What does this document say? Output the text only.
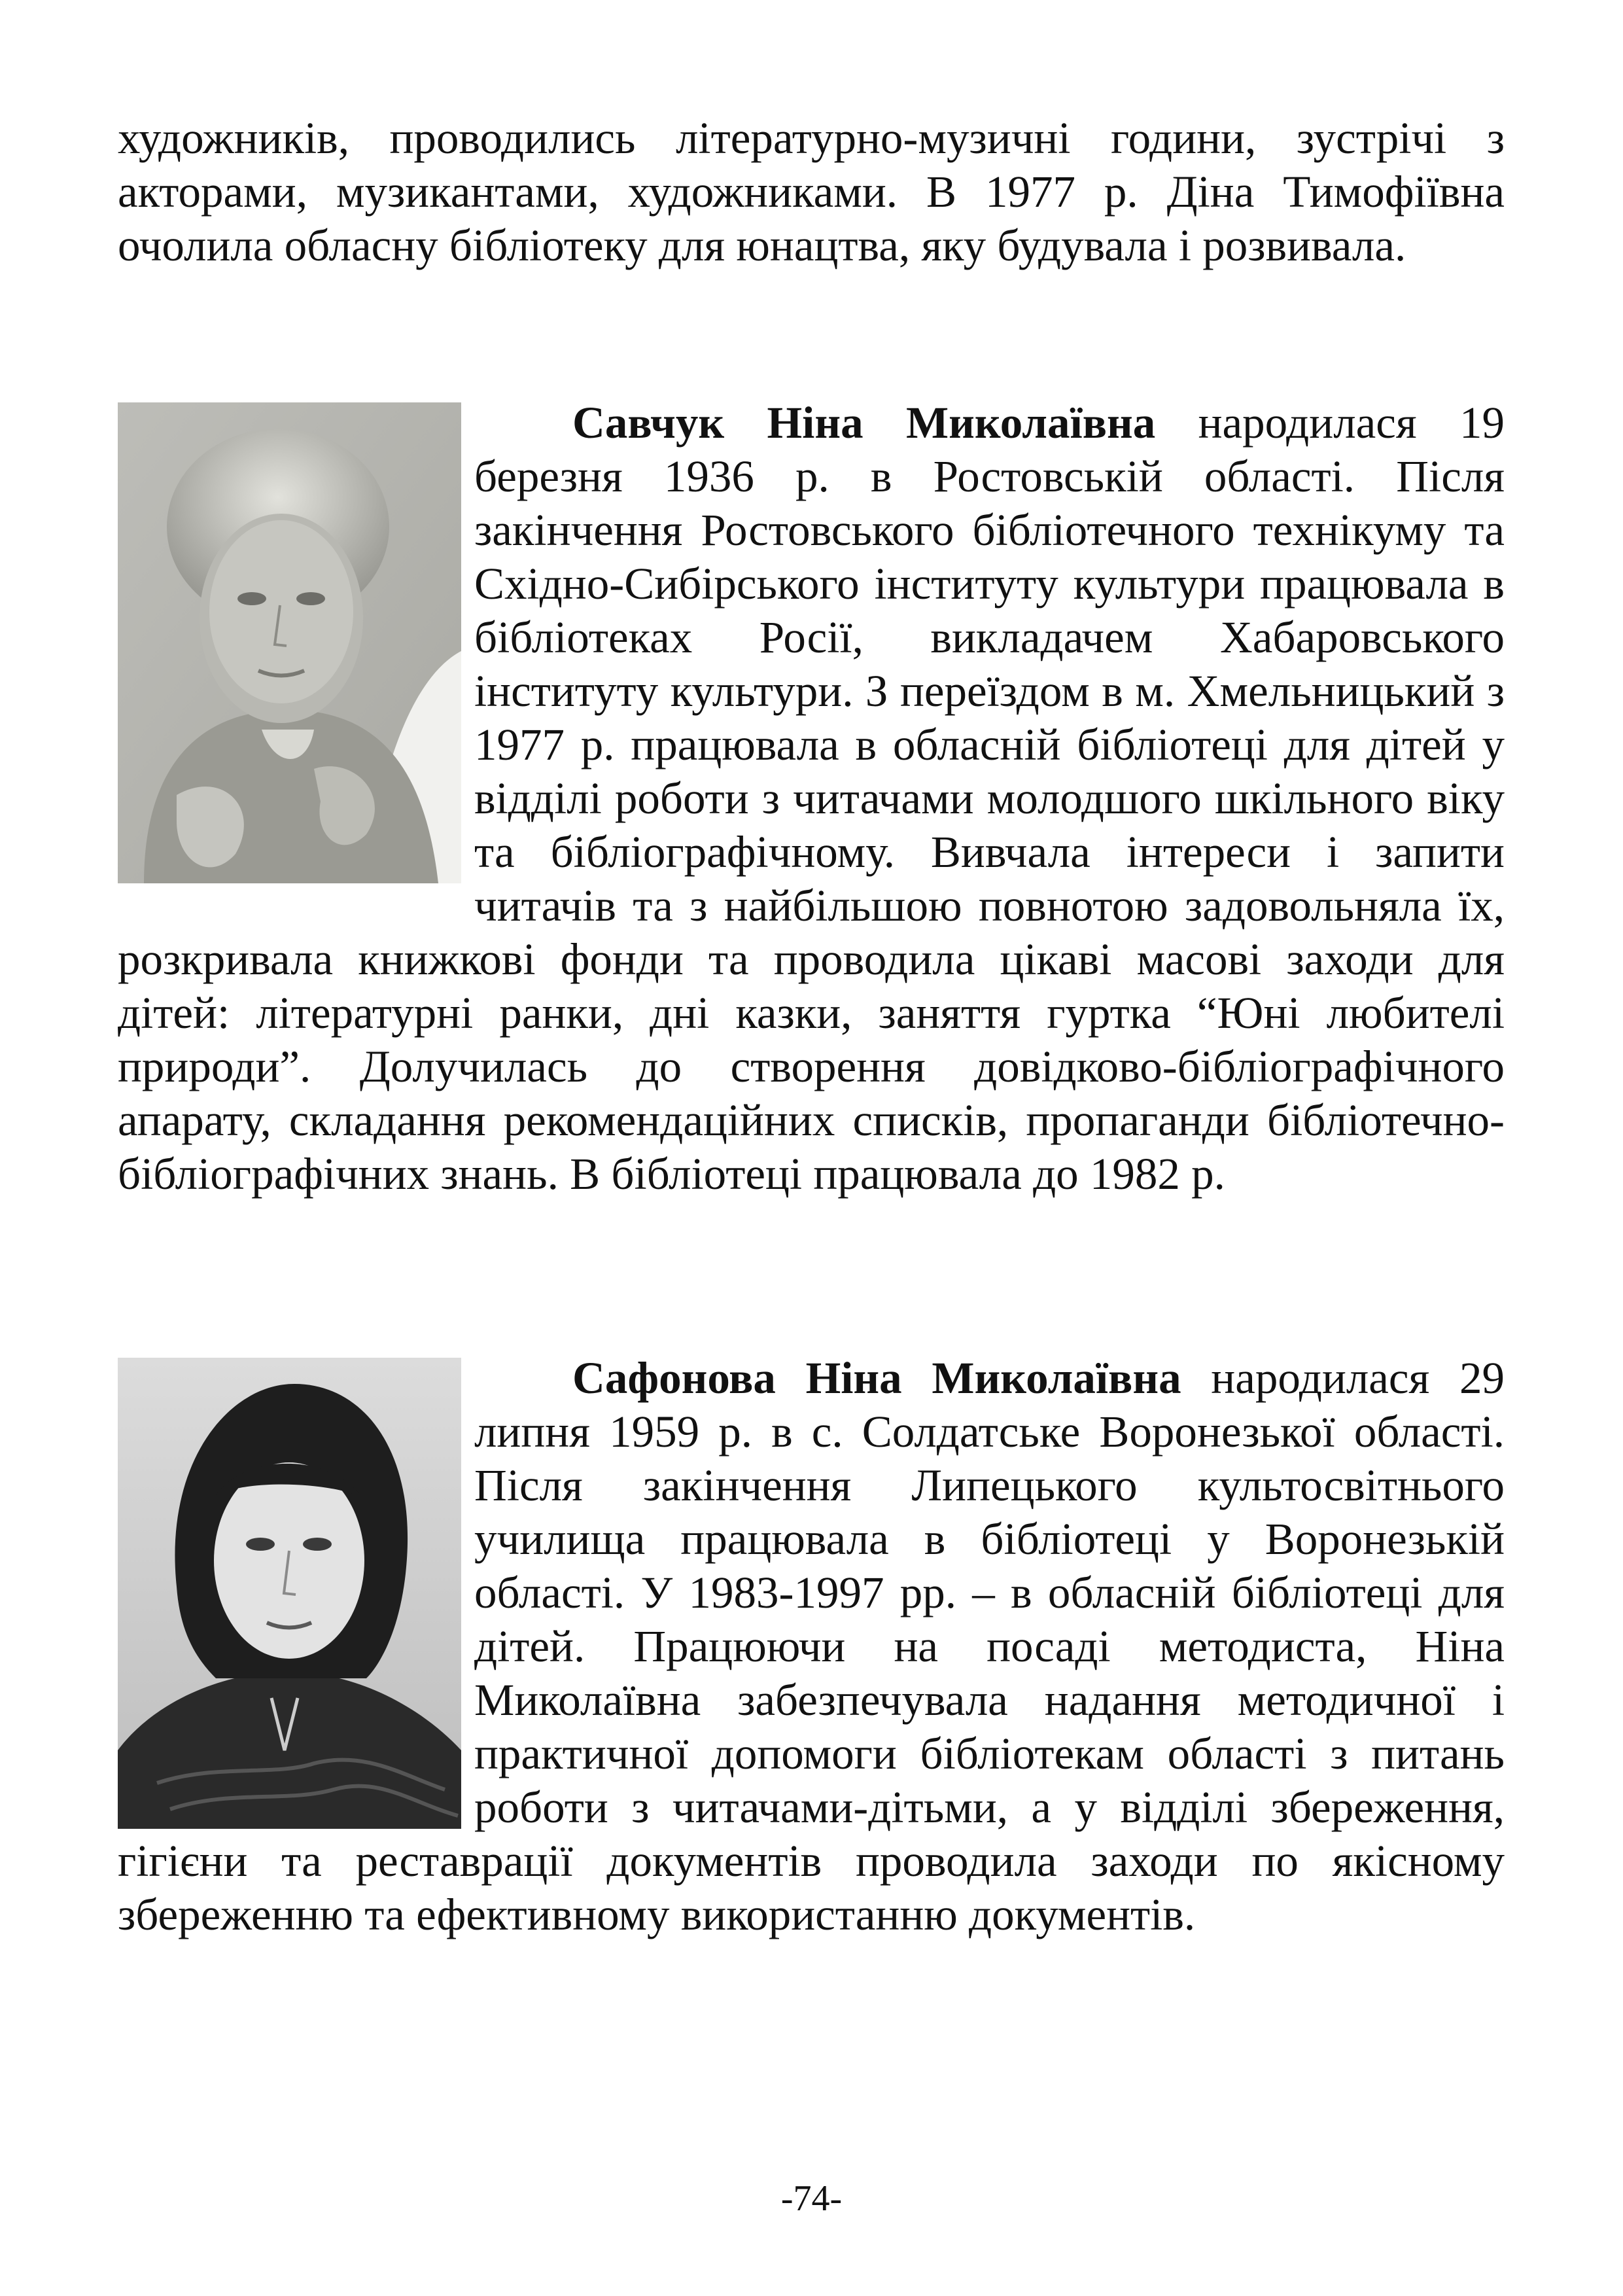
художників, проводились літературно-музичні години, зустрічі з акторами, музикантами, художниками. В 1977 р. Діна Тимофіївна очолила обласну бібліотеку для юнацтва, яку будувала і розвивала.

Савчук Ніна Миколаївна народилася 19 березня 1936 р. в Ростовській області. Після закінчення Ростовського бібліотечного технікуму та Східно-Сибірського інституту культури працювала в бібліотеках Росії, викладачем Хабаровського інституту культури. З переїздом в м. Хмельницький з 1977 р. працювала в обласній бібліотеці для дітей у відділі роботи з читачами молодшого шкільного віку та бібліографічному. Вивчала інтереси і запити читачів та з найбільшою повнотою задовольняла їх, розкривала книжкові фонди та проводила цікаві масові заходи для дітей: літературні ранки, дні казки, заняття гуртка “Юні любителі природи”. Долучилась до створення довідково-бібліографічного апарату, складання рекомендаційних списків, пропаганди бібліотечно-бібліографічних знань. В бібліотеці працювала до 1982 р.
Сафонова Ніна Миколаївна народилася 29 липня 1959 р. в с. Солдатське Воронезької області. Після закінчення Липецького культосвітнього училища працювала в бібліотеці у Воронезькій області. У 1983-1997 рр. – в обласній бібліотеці для дітей. Працюючи на посаді методиста, Ніна Миколаївна забезпечувала надання методичної і практичної допомоги бібліотекам області з питань роботи з читачами-дітьми, а у відділі збереження, гігієни та реставрації документів проводила заходи по якісному збереженню та ефективному використанню документів.
-74-
